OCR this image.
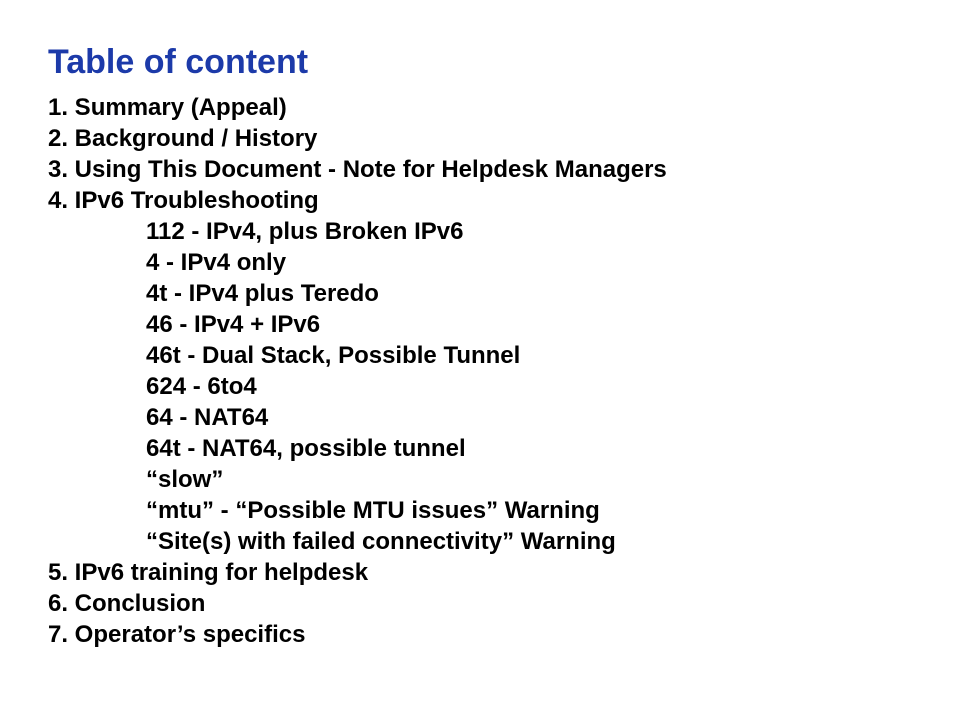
Table of content
1. Summary (Appeal)
2. Background / History
3. Using This Document - Note for Helpdesk Managers
4. IPv6 Troubleshooting
112 - IPv4, plus Broken IPv6
4 - IPv4 only
4t - IPv4 plus Teredo
46 - IPv4 + IPv6
46t - Dual Stack, Possible Tunnel
624 - 6to4
64 - NAT64
64t - NAT64, possible tunnel
“slow”
“mtu” - “Possible MTU issues” Warning
“Site(s) with failed connectivity” Warning
5. IPv6 training for helpdesk
6. Conclusion
7. Operator’s specifics
